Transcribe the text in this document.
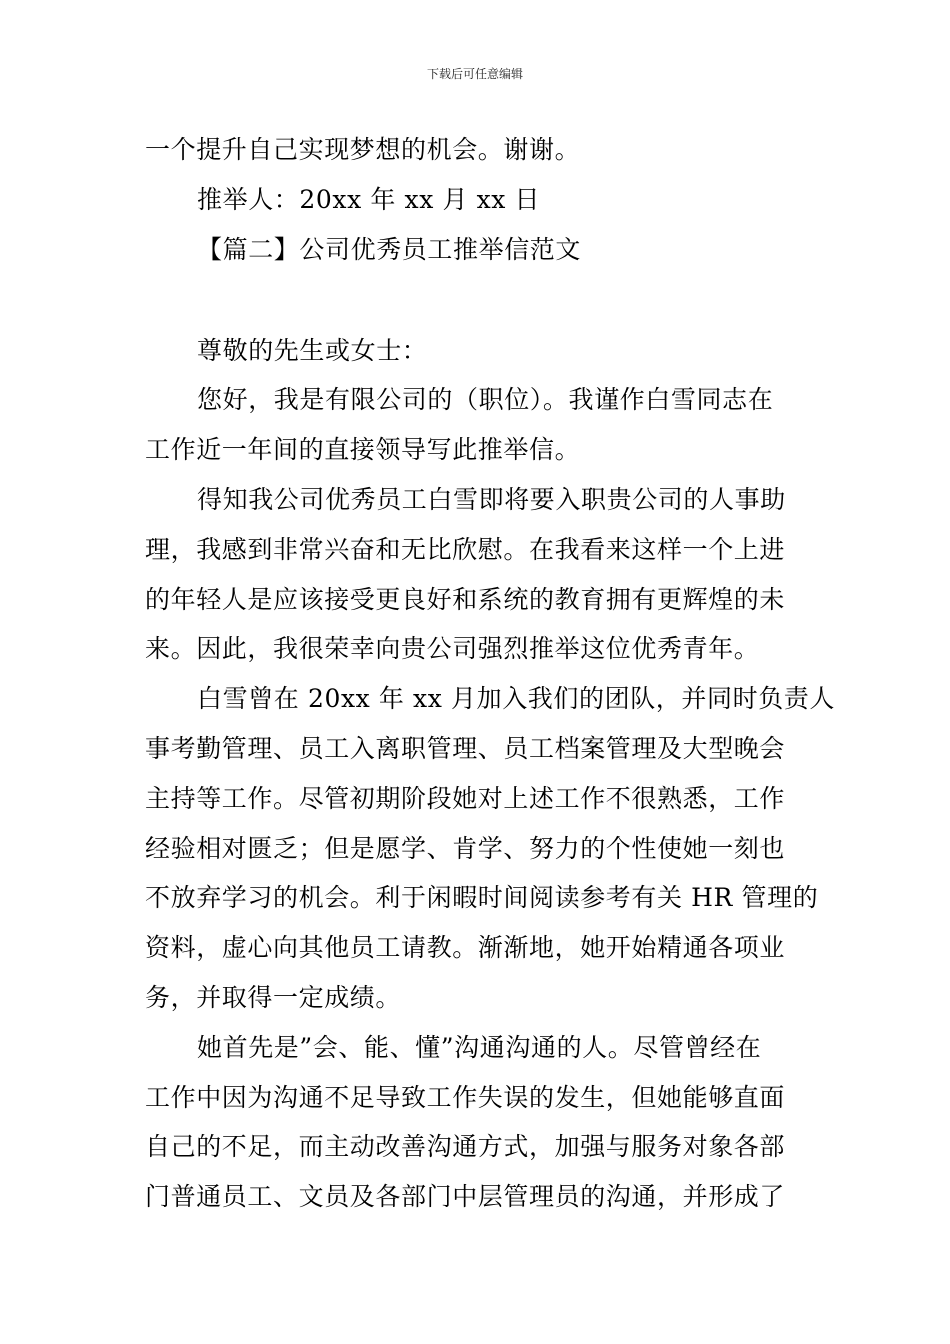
下载后可任意编辑
一个提升自己实现梦想的机会。谢谢。
推举人：20xx 年 xx 月 xx 日
【篇二】公司优秀员工推举信范文
尊敬的先生或女士：
您好，我是有限公司的（职位）。我谨作白雪同志在
工作近一年间的直接领导写此推举信。
得知我公司优秀员工白雪即将要入职贵公司的人事助
理，我感到非常兴奋和无比欣慰。在我看来这样一个上进
的年轻人是应该接受更良好和系统的教育拥有更辉煌的未
来。因此，我很荣幸向贵公司强烈推举这位优秀青年。
白雪曾在 20xx 年 xx 月加入我们的团队，并同时负责人
事考勤管理、员工入离职管理、员工档案管理及大型晚会
主持等工作。尽管初期阶段她对上述工作不很熟悉，工作
经验相对匮乏；但是愿学、肯学、努力的个性使她一刻也
不放弃学习的机会。利于闲暇时间阅读参考有关 HR 管理的
资料，虚心向其他员工请教。渐渐地，她开始精通各项业
务，并取得一定成绩。
她首先是”会、能、懂”沟通沟通的人。尽管曾经在
工作中因为沟通不足导致工作失误的发生，但她能够直面
自己的不足，而主动改善沟通方式，加强与服务对象各部
门普通员工、文员及各部门中层管理员的沟通，并形成了
